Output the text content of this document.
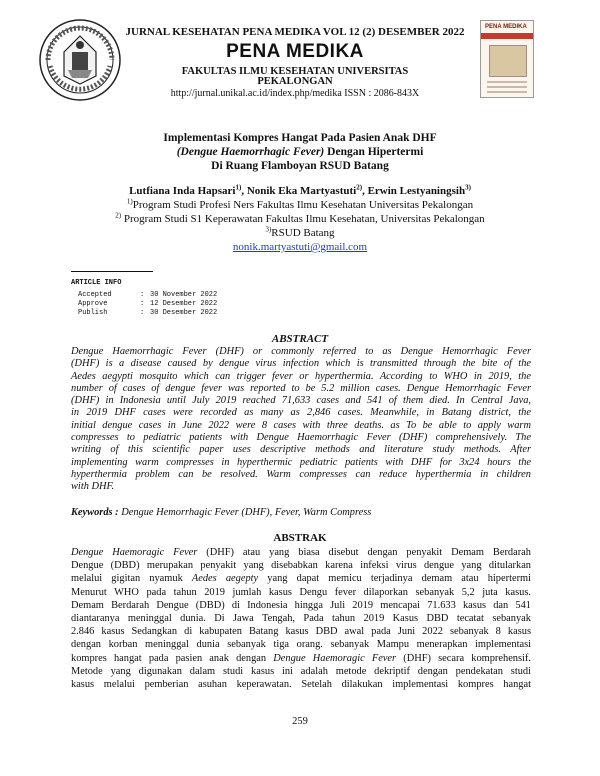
JURNAL KESEHATAN PENA MEDIKA VOL 12 (2) DESEMBER 2022
PENA MEDIKA
FAKULTAS ILMU KESEHATAN UNIVERSITAS
PEKALONGAN
http://jurnal.unikal.ac.id/index.php/medika ISSN : 2086-843X
PENA MEDIKA
Implementasi Kompres Hangat Pada Pasien Anak DHF
(Dengue Haemorrhagic Fever) Dengan Hipertermi
Di Ruang Flamboyan RSUD Batang
Lutfiana Inda Hapsari$^{1)}$, Nonik Eka Martyastuti$^{2)}$, Erwin Lestyaningsih$^{3)}$
$^{1)}$Program Studi Profesi Ners Fakultas Ilmu Kesehatan Universitas Pekalongan
$^{2)}$ Program Studi S1 Keperawatan Fakultas Ilmu Kesehatan, Universitas Pekalongan
$^{3)}$RSUD Batang
nonik.martyastuti@gmail.com
ARTICLE INFO
Accepted	: 30 November 2022
Approve	: 12 Desember 2022
Publish	: 30 Desember 2022
ABSTRACT

Dengue Haemorrhagic Fever (DHF) or commonly referred to as Dengue Hemorrhagic Fever
(DHF) is a disease caused by dengue virus infection which is transmitted through the bite of the
Aedes aegypti mosquito which can trigger fever or hyperthermia. According to WHO in 2019, the
number of cases of dengue fever was reported to be 5.2 million cases. Dengue Hemorrhagic Fever
(DHF) in Indonesia until July 2019 reached 71,633 cases and 541 of them died. In Central Java,
in 2019 DHF cases were recorded as many as 2,846 cases. Meanwhile, in Batang district, the
initial dengue cases in June 2022 were 8 cases with three deaths. as To be able to apply warm
compresses to pediatric patients with Dengue Haemorrhagic Fever (DHF) comprehensively. The
writing of this scientific paper uses descriptive methods and literature study methods. After
implementing warm compresses in hyperthermic pediatric patients with DHF for 3x24 hours the
hyperthermia problem can be resolved. Warm compresses can reduce hyperthermia in children
with DHF.

Keywords : Dengue Hemorrhagic Fever (DHF), Fever, Warm Compress
ABSTRAK

Dengue Haemoragic Fever (DHF) atau yang biasa disebut dengan penyakit Demam Berdarah
Dengue (DBD) merupakan penyakit yang disebabkan karena infeksi virus dengue yang ditularkan
melalui gigitan nyamuk Aedes aegepty yang dapat memicu terjadinya demam atau hipertermi
Menurut WHO pada tahun 2019 jumlah kasus Dengu fever dilaporkan sebanyak 5,2 juta kasus.
Demam Berdarah Dengue (DBD) di Indonesia hingga Juli 2019 mencapai 71.633 kasus dan 541
diantaranya meninggal dunia. Di Jawa Tengah, Pada tahun 2019 Kasus DBD tecatat sebanyak
2.846 kasus Sedangkan di kabupaten Batang kasus DBD awal pada Juni 2022 sebanyak 8 kasus
dengan korban meninggal dunia sebanyak tiga orang. sebanyak Mampu menerapkan implementasi
kompres hangat pada pasien anak dengan Dengue Haemoragic Fever (DHF) secara komprehensif.
Metode yang digunakan dalam studi kasus ini adalah metode dekriptif dengan pendekatan studi
kasus melalui pemberian asuhan keperawatan. Setelah dilakukan implementasi kompres hangat

259
